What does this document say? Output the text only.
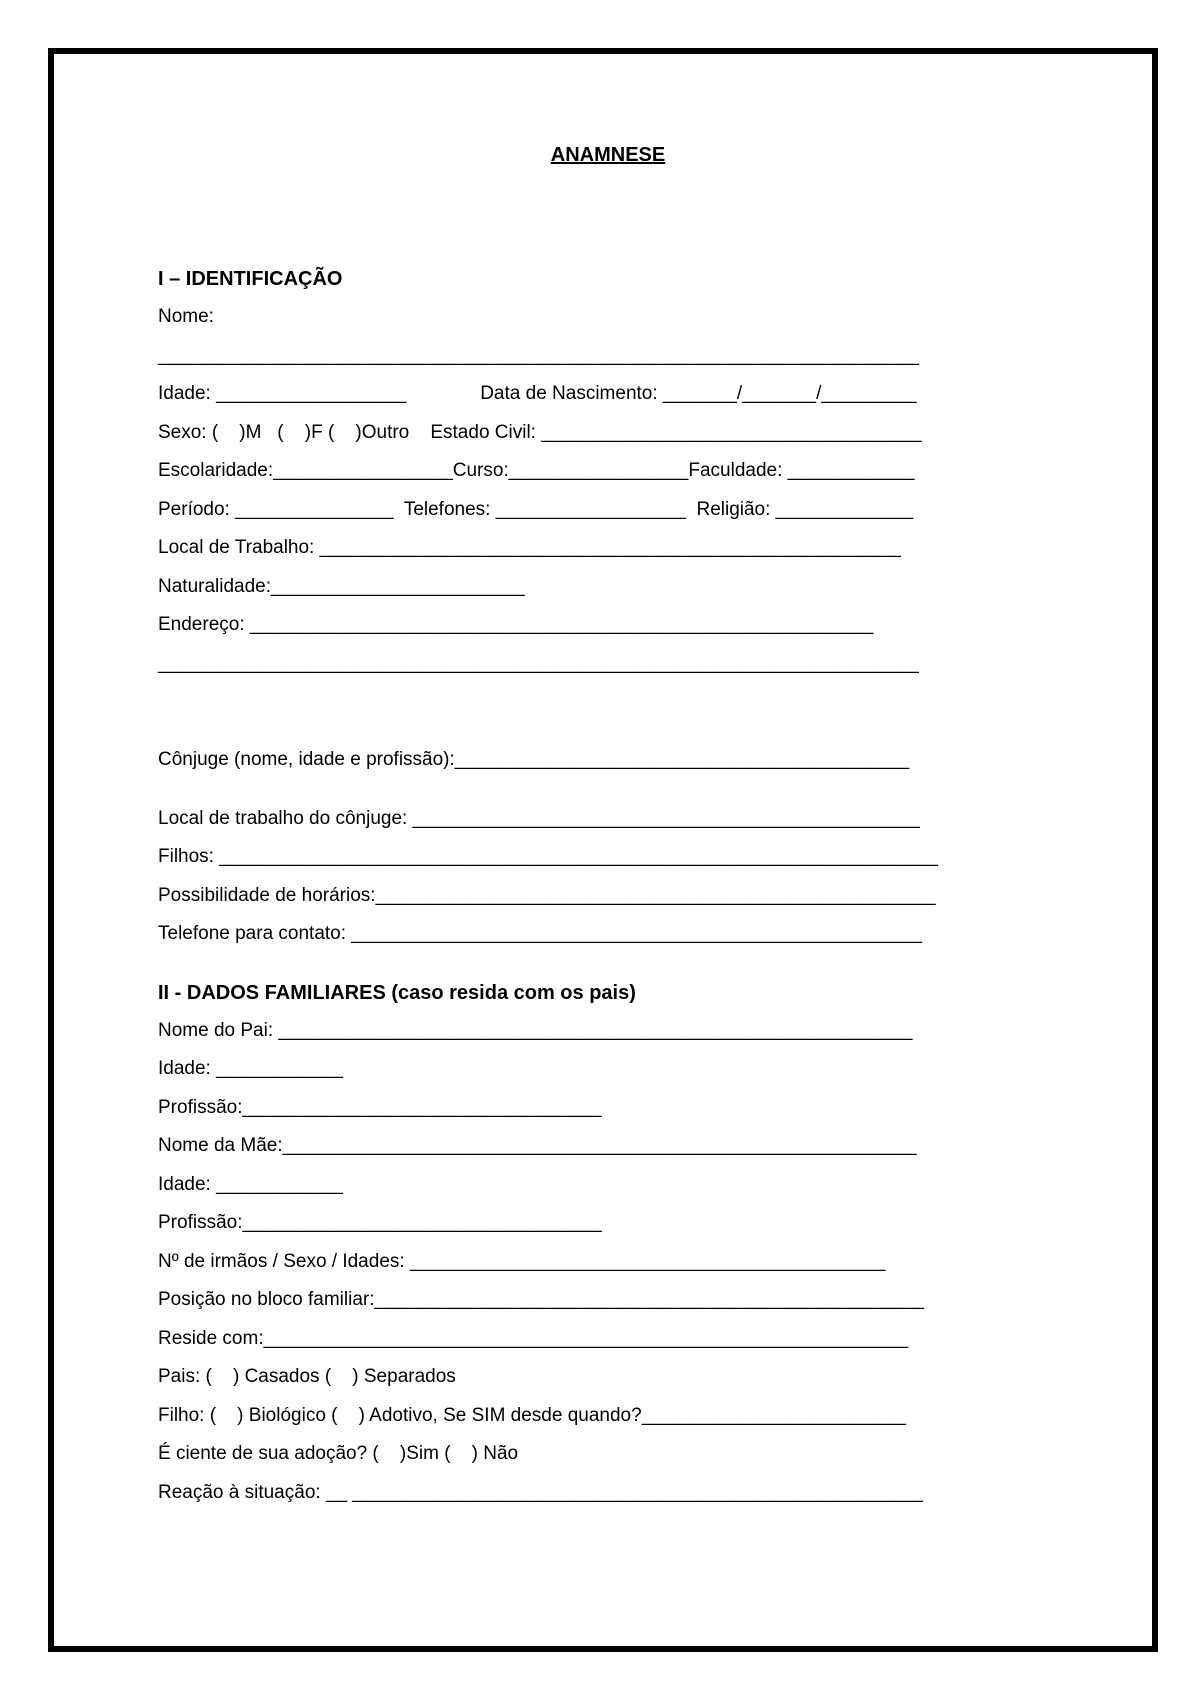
ANAMNESE

I – IDENTIFICAÇÃO

Nome:

________________________________________________________________________

Idade: __________________              Data de Nascimento: _______/_______/_________

Sexo: (    )M   (    )F (    )Outro    Estado Civil: ____________________________________

Escolaridade:_________________Curso:_________________Faculdade: ____________

Período: _______________  Telefones: __________________  Religião: _____________

Local de Trabalho: _______________________________________________________

Naturalidade:________________________

Endereço: ___________________________________________________________

________________________________________________________________________

Cônjuge (nome, idade e profissão):___________________________________________

Local de trabalho do cônjuge: ________________________________________________

Filhos: ____________________________________________________________________

Possibilidade de horários:_____________________________________________________

Telefone para contato: ______________________________________________________

II - DADOS FAMILIARES (caso resida com os pais)

Nome do Pai: ____________________________________________________________

Idade: ____________

Profissão:__________________________________

Nome da Mãe:____________________________________________________________

Idade: ____________

Profissão:__________________________________

Nº de irmãos / Sexo / Idades: _____________________________________________

Posição no bloco familiar:____________________________________________________

Reside com:_____________________________________________________________

Pais: (    ) Casados (    ) Separados

Filho: (    ) Biológico (    ) Adotivo, Se SIM desde quando?_________________________

É ciente de sua adoção? (    )Sim (    ) Não

Reação à situação: __ ______________________________________________________
